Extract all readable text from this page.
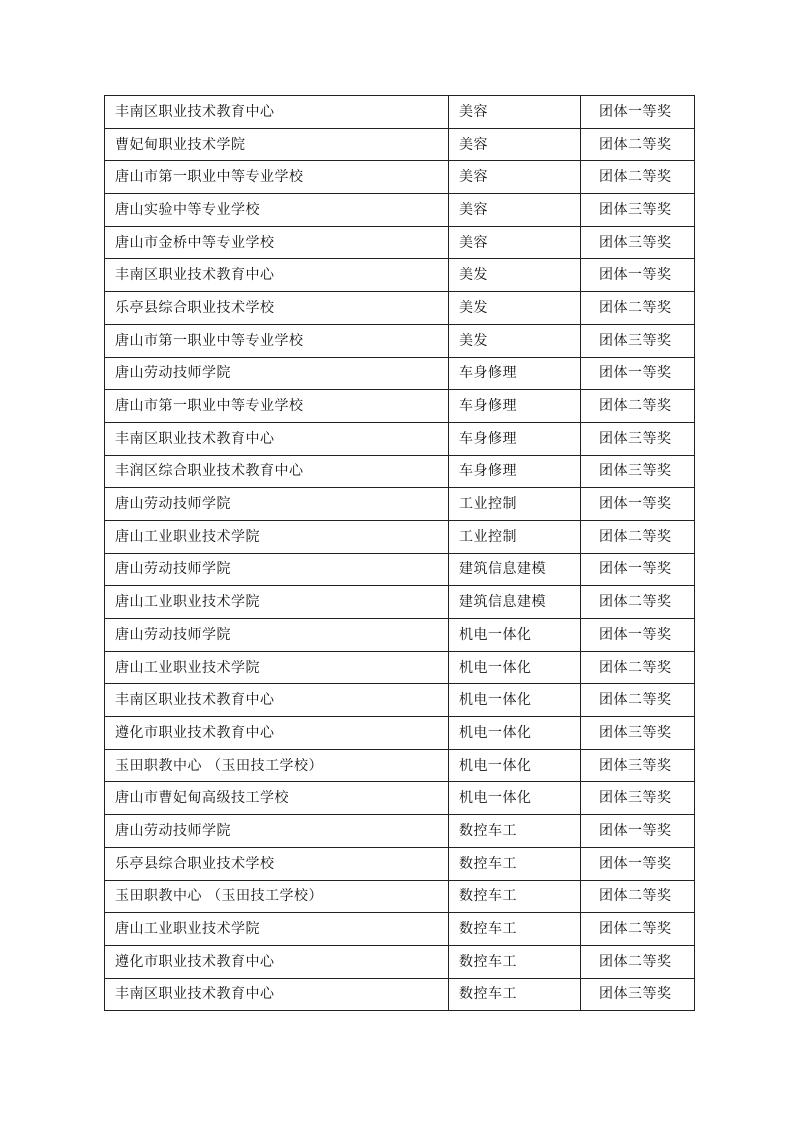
丰南区职业技术教育中心	美容	团体一等奖
曹妃甸职业技术学院	美容	团体二等奖
唐山市第一职业中等专业学校	美容	团体二等奖
唐山实验中等专业学校	美容	团体三等奖
唐山市金桥中等专业学校	美容	团体三等奖
丰南区职业技术教育中心	美发	团体一等奖
乐亭县综合职业技术学校	美发	团体二等奖
唐山市第一职业中等专业学校	美发	团体三等奖
唐山劳动技师学院	车身修理	团体一等奖
唐山市第一职业中等专业学校	车身修理	团体二等奖
丰南区职业技术教育中心	车身修理	团体三等奖
丰润区综合职业技术教育中心	车身修理	团体三等奖
唐山劳动技师学院	工业控制	团体一等奖
唐山工业职业技术学院	工业控制	团体二等奖
唐山劳动技师学院	建筑信息建模	团体一等奖
唐山工业职业技术学院	建筑信息建模	团体二等奖
唐山劳动技师学院	机电一体化	团体一等奖
唐山工业职业技术学院	机电一体化	团体二等奖
丰南区职业技术教育中心	机电一体化	团体二等奖
遵化市职业技术教育中心	机电一体化	团体三等奖
玉田职教中心 （玉田技工学校）	机电一体化	团体三等奖
唐山市曹妃甸高级技工学校	机电一体化	团体三等奖
唐山劳动技师学院	数控车工	团体一等奖
乐亭县综合职业技术学校	数控车工	团体一等奖
玉田职教中心 （玉田技工学校）	数控车工	团体二等奖
唐山工业职业技术学院	数控车工	团体二等奖
遵化市职业技术教育中心	数控车工	团体二等奖
丰南区职业技术教育中心	数控车工	团体三等奖
